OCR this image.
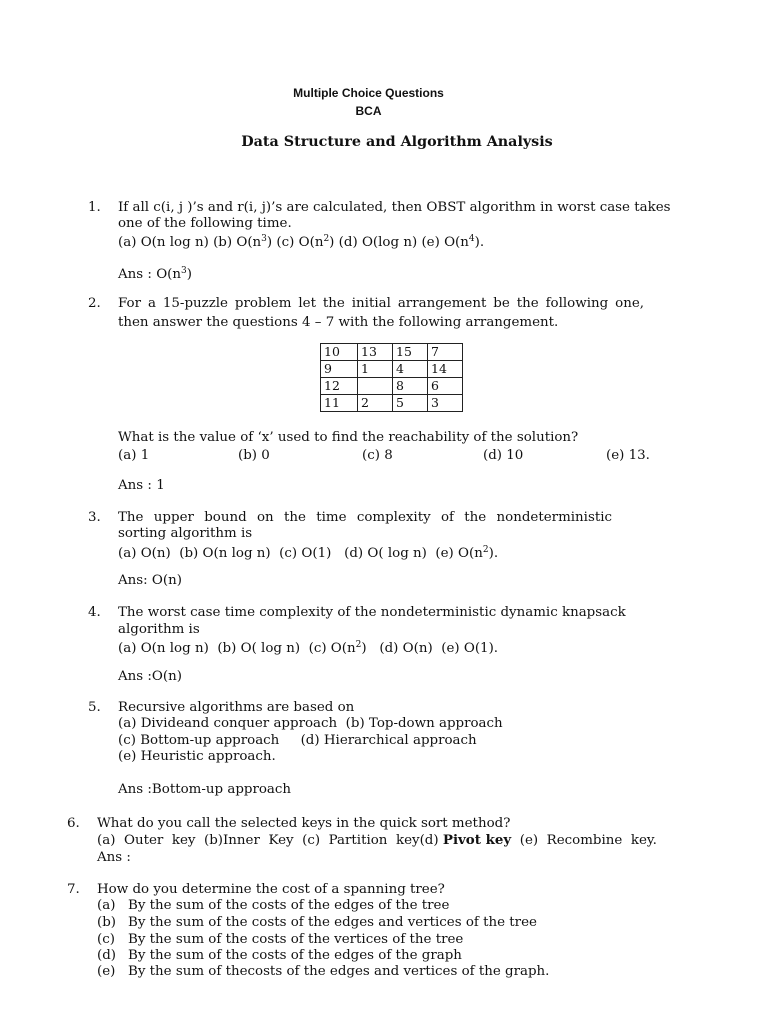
Multiple Choice Questions
BCA
Data Structure and Algorithm Analysis
1. If all c(i, j )’s and r(i, j)’s are calculated, then OBST algorithm in worst case takes
one of the following time.
(a) O(n log n) (b) $O(n^3)$ (c) $O(n^2)$ (d) O(log n) (e) $O(n^4)$.
Ans : $O(n^3)$
2. For a 15-puzzle problem let the initial arrangement be the following one,
then answer the questions 4 – 7 with the following arrangement.
10	13	15	7
9	1	4	14
12		8	6
11	2	5	3
What is the value of ‘x’ used to find the reachability of the solution?
(a) 1	(b) 0	(c) 8	(d) 10	(e) 13.
Ans : 1
3. The upper bound on the time complexity of the nondeterministic
sorting algorithm is
(a) O(n) (b) O(n log n) (c) O(1) (d) O( log n) (e) $O(n^2)$.
Ans: O(n)
4. The worst case time complexity of the nondeterministic dynamic knapsack
algorithm is
(a) O(n log n) (b) O( log n) (c) $O(n^2)$ (d) O(n) (e) O(1).
Ans :O(n)
5. Recursive algorithms are based on
(a) Divideand conquer approach  (b) Top-down approach
(c) Bottom-up approach     (d) Hierarchical approach
(e) Heuristic approach.
Ans :Bottom-up approach
6. What do you call the selected keys in the quick sort method?
(a) Outer key (b)Inner Key (c) Partition key(d) Pivot key (e) Recombine key.
Ans :
7. How do you determine the cost of a spanning tree?
(a) By the sum of the costs of the edges of the tree
(b) By the sum of the costs of the edges and vertices of the tree
(c) By the sum of the costs of the vertices of the tree
(d) By the sum of the costs of the edges of the graph
(e) By the sum of thecosts of the edges and vertices of the graph.
